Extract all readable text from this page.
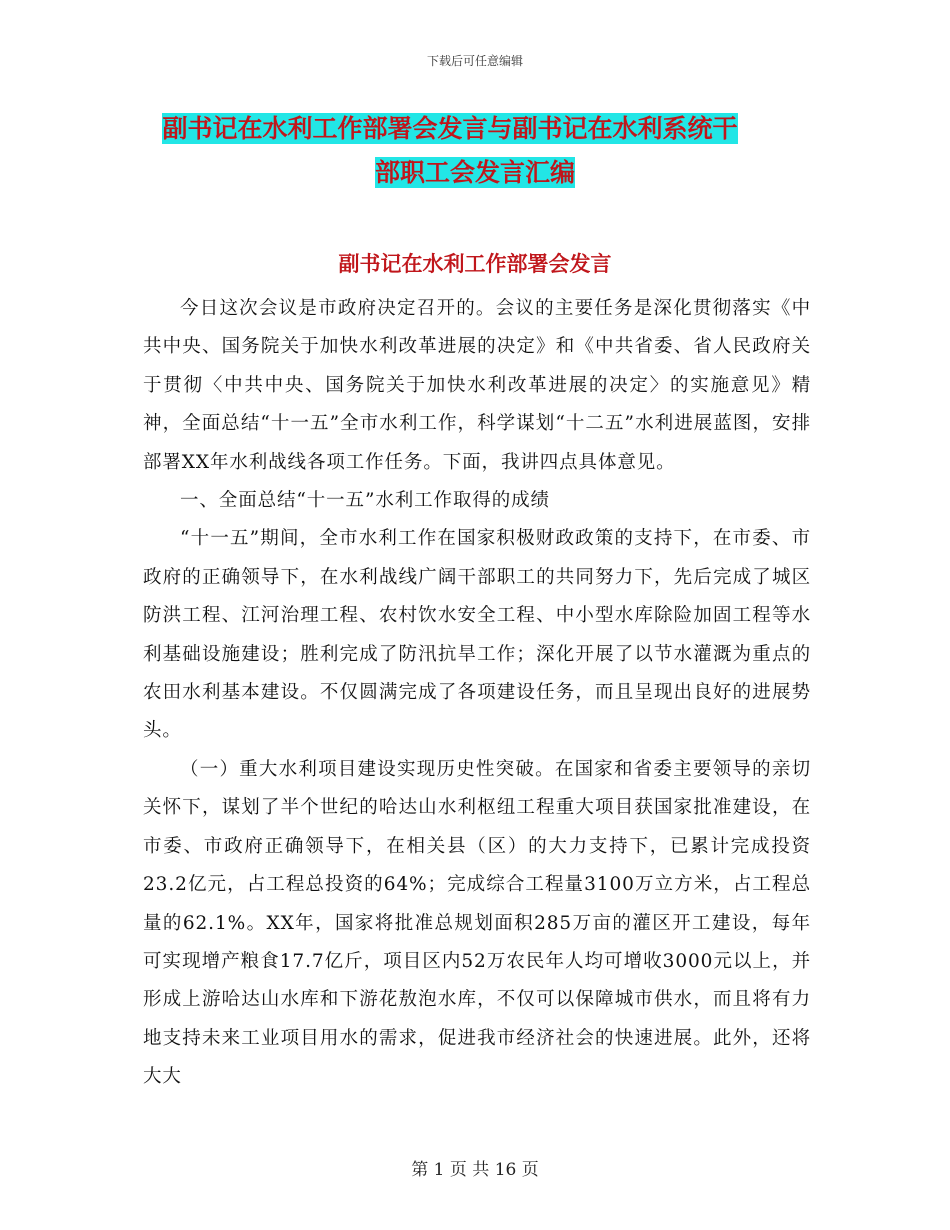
下载后可任意编辑
副书记在水利工作部署会发言与副书记在水利系统干
部职工会发言汇编
副书记在水利工作部署会发言

今日这次会议是市政府决定召开的。会议的主要任务是深化贯彻落实《中共中央、国务院关于加快水利改革进展的决定》和《中共省委、省人民政府关于贯彻〈中共中央、国务院关于加快水利改革进展的决定〉的实施意见》精神，全面总结“十一五”全市水利工作，科学谋划“十二五”水利进展蓝图，安排部署XX年水利战线各项工作任务。下面，我讲四点具体意见。

一、全面总结“十一五”水利工作取得的成绩

“十一五”期间，全市水利工作在国家积极财政政策的支持下，在市委、市政府的正确领导下，在水利战线广阔干部职工的共同努力下，先后完成了城区防洪工程、江河治理工程、农村饮水安全工程、中小型水库除险加固工程等水利基础设施建设；胜利完成了防汛抗旱工作；深化开展了以节水灌溉为重点的农田水利基本建设。不仅圆满完成了各项建设任务，而且呈现出良好的进展势头。

（一）重大水利项目建设实现历史性突破。在国家和省委主要领导的亲切关怀下，谋划了半个世纪的哈达山水利枢纽工程重大项目获国家批准建设，在市委、市政府正确领导下，在相关县（区）的大力支持下，已累计完成投资23.2亿元，占工程总投资的64%；完成综合工程量3100万立方米，占工程总量的62.1%。XX年，国家将批准总规划面积285万亩的灌区开工建设，每年可实现增产粮食17.7亿斤，项目区内52万农民年人均可增收3000元以上，并形成上游哈达山水库和下游花敖泡水库，不仅可以保障城市供水，而且将有力地支持未来工业项目用水的需求，促进我市经济社会的快速进展。此外，还将大大

第 1 页 共 16 页
